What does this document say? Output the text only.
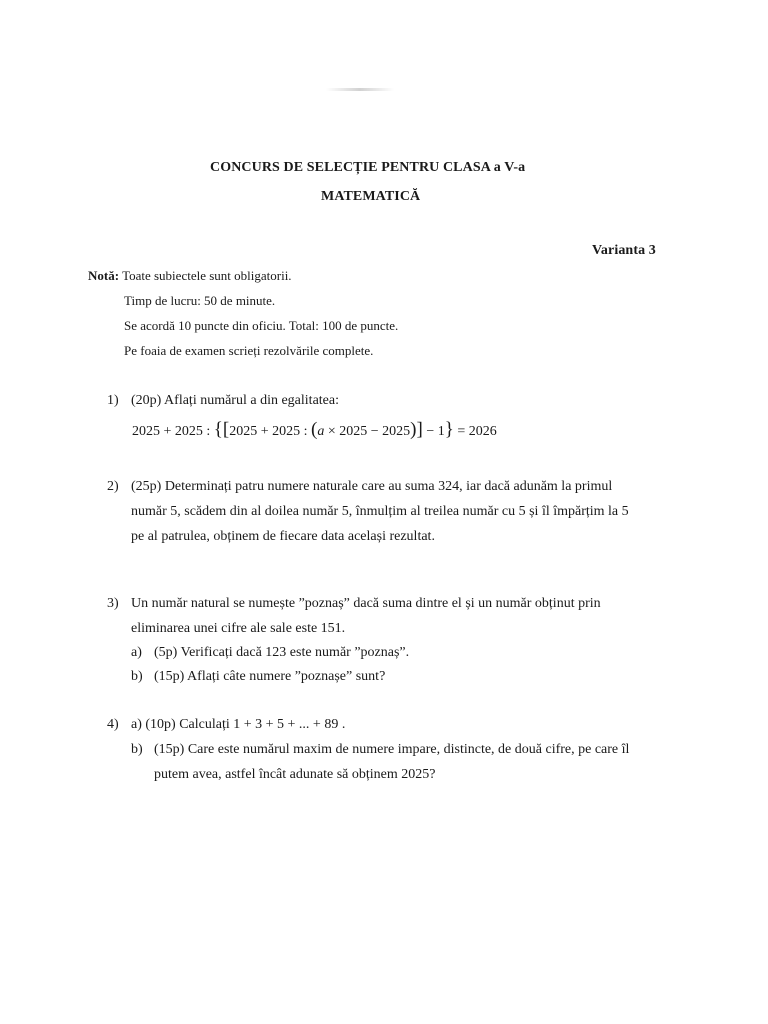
CONCURS DE SELECȚIE PENTRU CLASA a V-a
MATEMATICĂ
Varianta 3
Notă: Toate subiectele sunt obligatorii.
Timp de lucru: 50 de minute.
Se acordă 10 puncte din oficiu. Total: 100 de puncte.
Pe foaia de examen scrieți rezolvările complete.
1) (20p) Aflați numărul a din egalitatea:
2025 + 2025 : {[2025 + 2025 : (a × 2025 − 2025)] − 1} = 2026
2) (25p) Determinați patru numere naturale care au suma 324, iar dacă adunăm la primul
număr 5, scădem din al doilea număr 5, înmulțim al treilea număr cu 5 și îl împărțim la 5
pe al patrulea, obținem de fiecare data același rezultat.
3) Un număr natural se numește ”poznaș” dacă suma dintre el și un număr obținut prin
eliminarea unei cifre ale sale este 151.
a) (5p) Verificați dacă 123 este număr ”poznaș”.
b) (15p) Aflați câte numere ”poznașe” sunt?
4) a) (10p) Calculați 1 + 3 + 5 + ... + 89 .
b) (15p) Care este numărul maxim de numere impare, distincte, de două cifre, pe care îl
putem avea, astfel încât adunate să obținem 2025?
